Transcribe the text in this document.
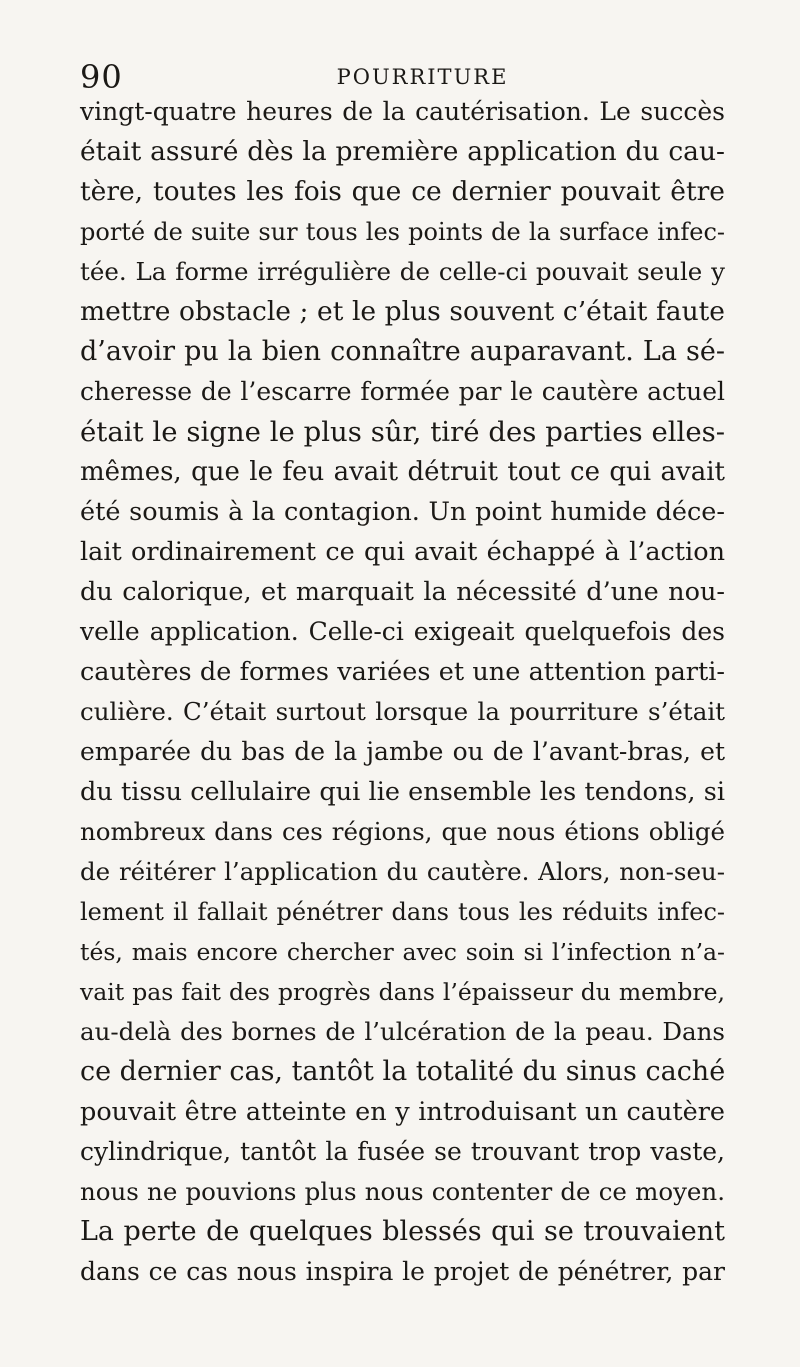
90	POURRITURE
vingt-quatre heures de la cautérisation. Le succès
était assuré dès la première application du cau-
tère, toutes les fois que ce dernier pouvait être
porté de suite sur tous les points de la surface infec-
tée. La forme irrégulière de celle-ci pouvait seule y
mettre obstacle ; et le plus souvent c’était faute
d’avoir pu la bien connaître auparavant. La sé-
cheresse de l’escarre formée par le cautère actuel
était le signe le plus sûr, tiré des parties elles-
mêmes, que le feu avait détruit tout ce qui avait
été soumis à la contagion. Un point humide déce-
lait ordinairement ce qui avait échappé à l’action
du calorique, et marquait la nécessité d’une nou-
velle application. Celle-ci exigeait quelquefois des
cautères de formes variées et une attention parti-
culière. C’était surtout lorsque la pourriture s’était
emparée du bas de la jambe ou de l’avant-bras, et
du tissu cellulaire qui lie ensemble les tendons, si
nombreux dans ces régions, que nous étions obligé
de réitérer l’application du cautère. Alors, non-seu-
lement il fallait pénétrer dans tous les réduits infec-
tés, mais encore chercher avec soin si l’infection n’a-
vait pas fait des progrès dans l’épaisseur du membre,
au-delà des bornes de l’ulcération de la peau. Dans
ce dernier cas, tantôt la totalité du sinus caché
pouvait être atteinte en y introduisant un cautère
cylindrique, tantôt la fusée se trouvant trop vaste,
nous ne pouvions plus nous contenter de ce moyen.
La perte de quelques blessés qui se trouvaient
dans ce cas nous inspira le projet de pénétrer, par
